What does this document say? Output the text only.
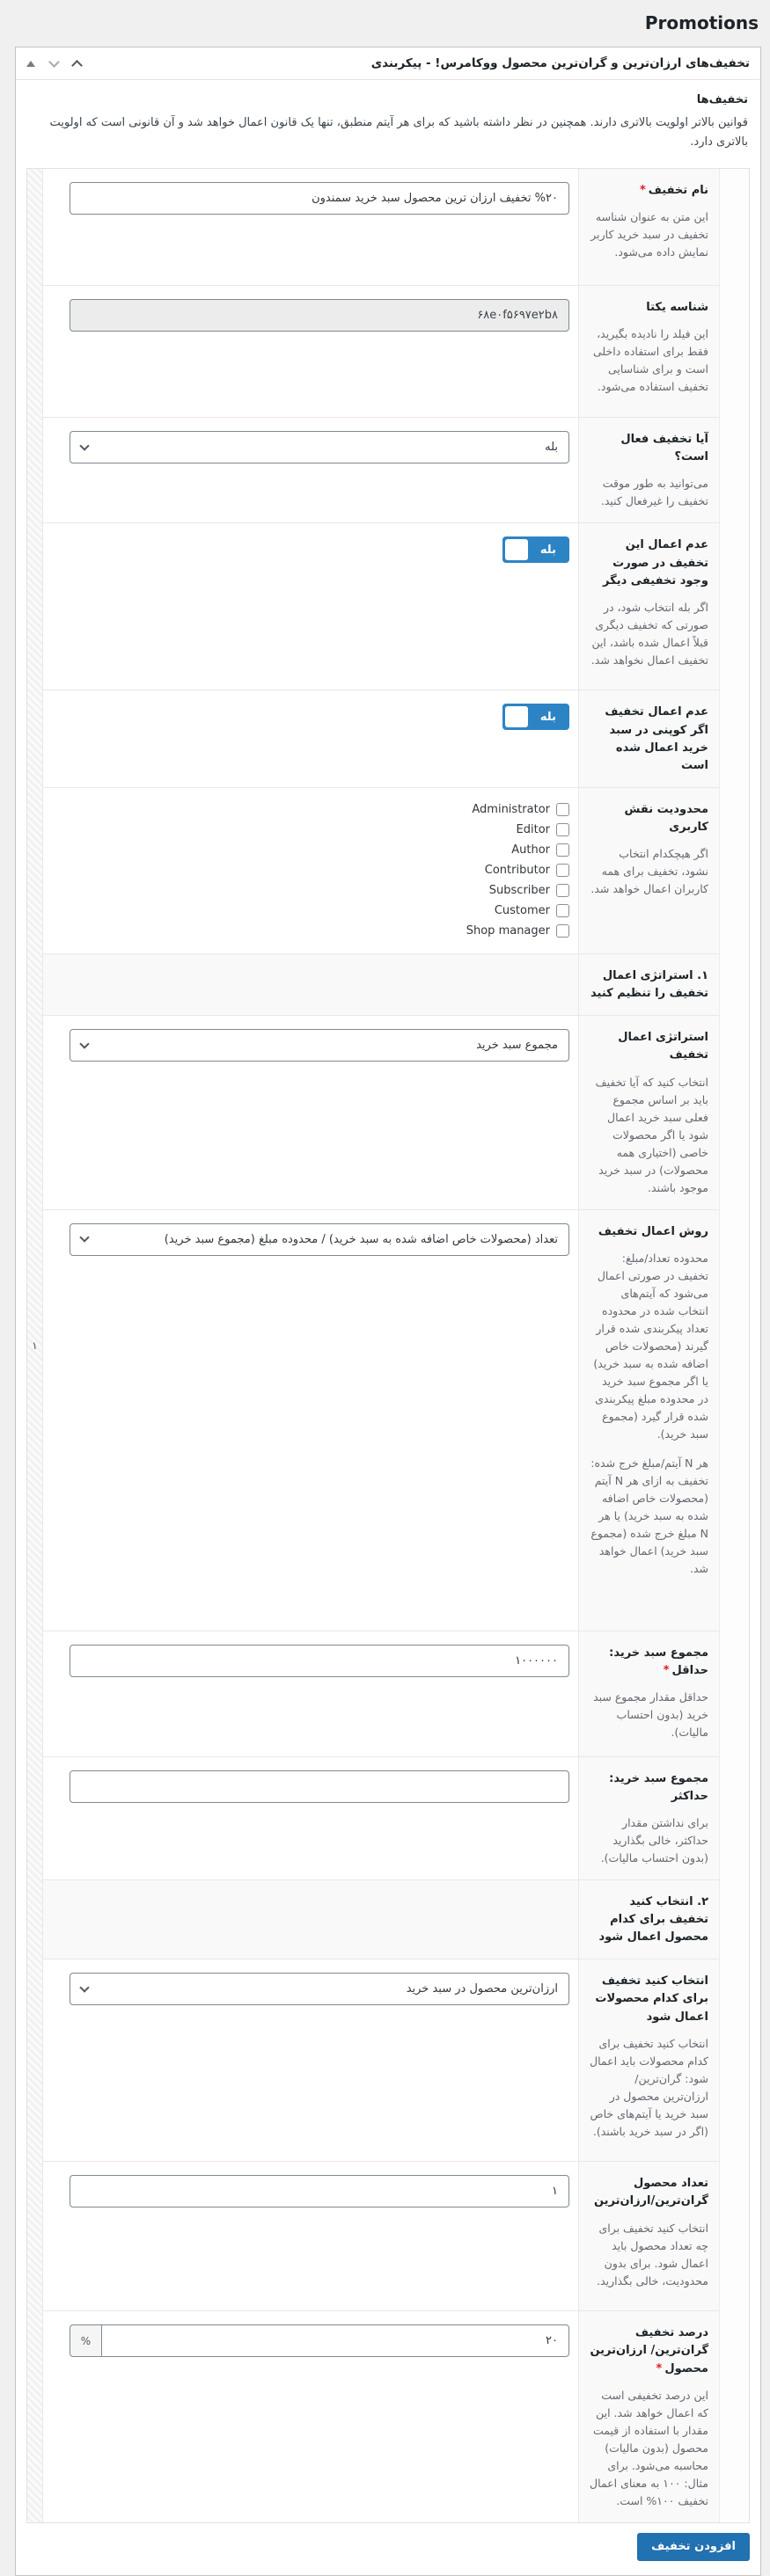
Promotions
تخفیف‌های ارزان‌ترین و گران‌ترین محصول ووکامرس! - پیکربندی
تخفیف‌ها

قوانین بالاتر اولویت بالاتری دارند. همچنین در نظر داشته باشید که برای هر آیتم منطبق، تنها یک قانون اعمال خواهد شد و آن قانونی است که اولویت بالاتری دارد.

نام تخفیف*

این متن به عنوان شناسه تخفیف در سبد خرید کاربر نمایش داده می‌شود.

%۲۰ تخفیف ارزان ترین محصول سبد خرید سمندون
شناسه یکتا

این فیلد را نادیده بگیرید، فقط برای استفاده داخلی است و برای شناسایی تخفیف استفاده می‌شود.

۶۸e۰f۵۶۹۷e۲b۸
آیا تخفیف فعال است؟

می‌توانید به طور موقت تخفیف را غیرفعال کنید.

بله
عدم اعمال این تخفیف در صورت وجود تخفیفی دیگر

اگر بله انتخاب شود، در صورتی که تخفیف دیگری قبلاً اعمال شده باشد، این تخفیف اعمال نخواهد شد.

بله
عدم اعمال تخفیف اگر کوپنی در سبد خرید اعمال شده است
بله
محدودیت نقش کاربری

اگر هیچکدام انتخاب نشود، تخفیف برای همه کاربران اعمال خواهد شد.

Administrator
Editor
Author
Contributor
Subscriber
Customer
Shop manager
۱. استراتژی اعمال تخفیف را تنظیم کنید
استراتژی اعمال تخفیف

انتخاب کنید که آیا تخفیف باید بر اساس مجموع فعلی سبد خرید اعمال شود یا اگر محصولات خاصی (اختیاری همه محصولات) در سبد خرید موجود باشند.

مجموع سبد خرید
روش اعمال تخفیف

محدوده تعداد/مبلغ: تخفیف در صورتی اعمال می‌شود که آیتم‌های انتخاب شده در محدوده تعداد پیکربندی شده قرار گیرند (محصولات خاص اضافه شده به سبد خرید) یا اگر مجموع سبد خرید در محدوده مبلغ پیکربندی شده قرار گیرد (مجموع سبد خرید).

هر N آیتم/مبلغ خرج شده: تخفیف به ازای هر N آیتم (محصولات خاص اضافه شده به سبد خرید) یا هر N مبلغ خرج شده (مجموع سبد خرید) اعمال خواهد شد.

تعداد (محصولات خاص اضافه شده به سبد خرید) / محدوده مبلغ (مجموع سبد خرید)
مجموع سبد خرید: حداقل*

حداقل مقدار مجموع سبد خرید (بدون احتساب مالیات).

۱۰۰۰۰۰۰
مجموع سبد خرید: حداکثر

برای نداشتن مقدار حداکثر، خالی بگذارید (بدون احتساب مالیات).

۲. انتخاب کنید تخفیف برای کدام محصول اعمال شود
انتخاب کنید تخفیف برای کدام محصولات اعمال شود

انتخاب کنید تخفیف برای کدام محصولات باید اعمال شود: گران‌ترین/ارزان‌ترین محصول در سبد خرید یا آیتم‌های خاص (اگر در سبد خرید باشند).

ارزان‌ترین محصول در سبد خرید
تعداد محصول گران‌ترین/ارزان‌ترین

انتخاب کنید تخفیف برای چه تعداد محصول باید اعمال شود. برای بدون محدودیت، خالی بگذارید.

۱
درصد تخفیف گران‌ترین/ ارزان‌ترین محصول*

این درصد تخفیفی است که اعمال خواهد شد. این مقدار با استفاده از قیمت محصول (بدون مالیات) محاسبه می‌شود. برای مثال: ۱۰۰ به معنای اعمال تخفیف ۱۰۰% است.

۲۰
%
۱
افزودن تخفیف
